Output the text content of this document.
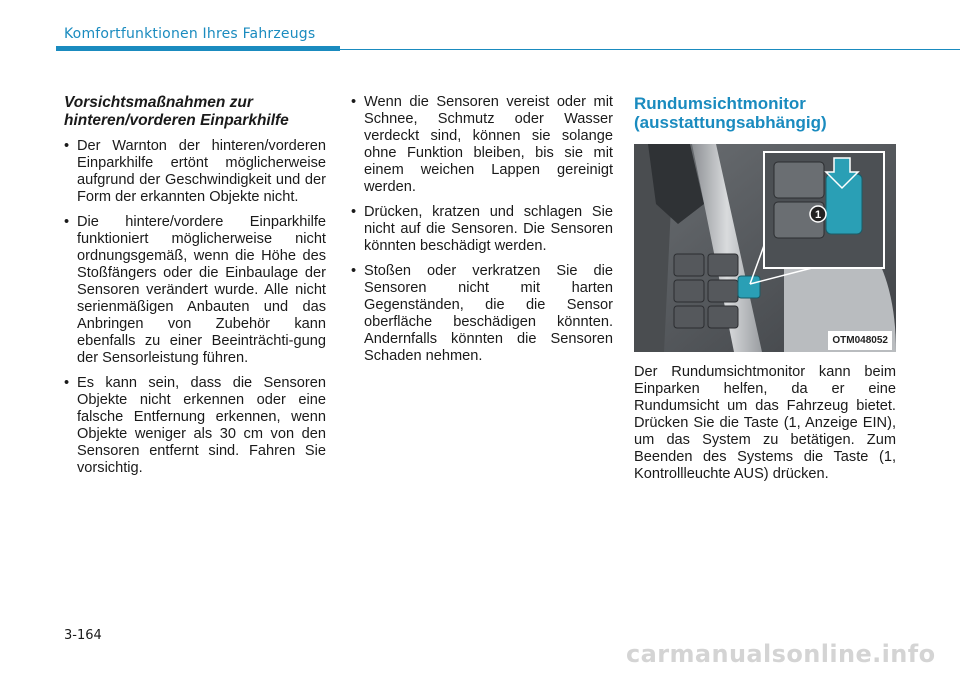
Komfortfunktionen Ihres Fahrzeugs
Vorsichtsmaßnahmen zur hinteren/vorderen Einparkhilfe
• Der Warnton der hinteren/vorderen Einparkhilfe ertönt möglicherweise aufgrund der Geschwindigkeit und der Form der erkannten Objekte nicht.
• Die hintere/vordere Einparkhilfe funktioniert möglicherweise nicht ordnungsgemäß, wenn die Höhe des Stoßfängers oder die Einbaulage der Sensoren verändert wurde. Alle nicht serienmäßigen Anbauten und das Anbringen von Zubehör kann ebenfalls zu einer Beeinträchti-gung der Sensorleistung führen.
• Es kann sein, dass die Sensoren Objekte nicht erkennen oder eine falsche Entfernung erkennen, wenn Objekte weniger als 30 cm von den Sensoren entfernt sind. Fahren Sie vorsichtig.
• Wenn die Sensoren vereist oder mit Schnee, Schmutz oder Wasser verdeckt sind, können sie solange ohne Funktion bleiben, bis sie mit einem weichen Lappen gereinigt werden.
• Drücken, kratzen und schlagen Sie nicht auf die Sensoren. Die Sensoren könnten beschädigt werden.
• Stoßen oder verkratzen Sie die Sensoren nicht mit harten Gegenständen, die die Sensor oberfläche beschädigen könnten. Andernfalls könnten die Sensoren Schaden nehmen.
Rundumsichtmonitor
(ausstattungsabhängig)
1
OTM048052
Der Rundumsichtmonitor kann beim Einparken helfen, da er eine Rundumsicht um das Fahrzeug bietet. Drücken Sie die Taste (1, Anzeige EIN), um das System zu betätigen. Zum Beenden des Systems die Taste (1, Kontrollleuchte AUS) drücken.
3-164
carmanualsonline.info
